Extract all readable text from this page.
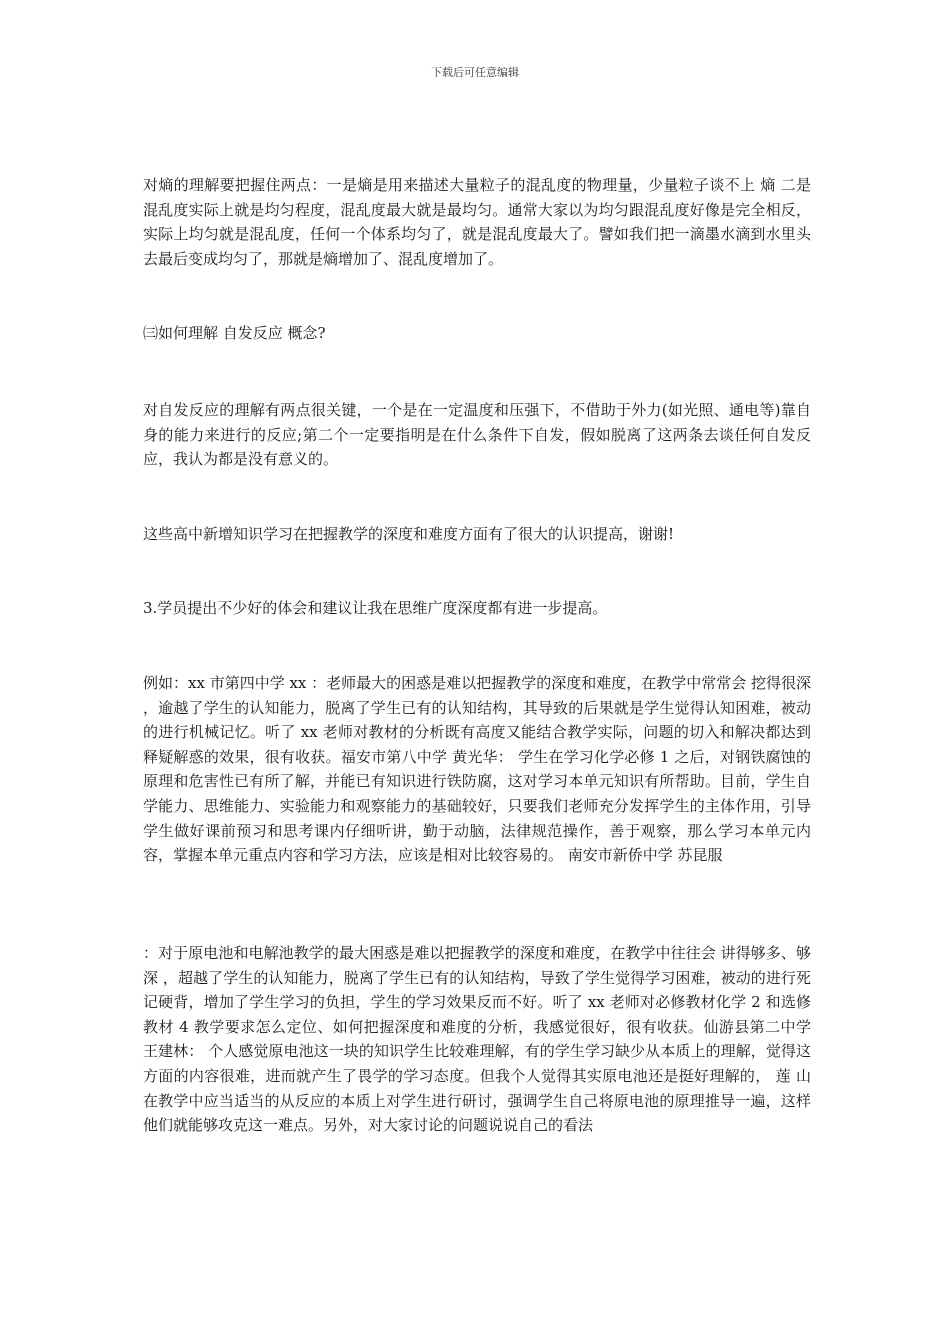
下载后可任意编辑
对熵的理解要把握住两点：一是熵是用来描述大量粒子的混乱度的物理量，少量粒子谈不上 熵 二是混乱度实际上就是均匀程度，混乱度最大就是最均匀。通常大家以为均匀跟混乱度好像是完全相反，实际上均匀就是混乱度，任何一个体系均匀了，就是混乱度最大了。譬如我们把一滴墨水滴到水里头去最后变成均匀了，那就是熵增加了、混乱度增加了。
㈢如何理解 自发反应 概念?
对自发反应的理解有两点很关键，一个是在一定温度和压强下，不借助于外力(如光照、通电等)靠自身的能力来进行的反应;第二个一定要指明是在什么条件下自发，假如脱离了这两条去谈任何自发反应，我认为都是没有意义的。
这些高中新增知识学习在把握教学的深度和难度方面有了很大的认识提高，谢谢!
3.学员提出不少好的体会和建议让我在思维广度深度都有进一步提高。
例如：xx 市第四中学 xx ：老师最大的困惑是难以把握教学的深度和难度，在教学中常常会 挖得很深 ，逾越了学生的认知能力，脱离了学生已有的认知结构，其导致的后果就是学生觉得认知困难，被动的进行机械记忆。听了 xx 老师对教材的分析既有高度又能结合教学实际，问题的切入和解决都达到释疑解惑的效果，很有收获。福安市第八中学 黄光华： 学生在学习化学必修 1 之后，对钢铁腐蚀的原理和危害性已有所了解，并能已有知识进行铁防腐，这对学习本单元知识有所帮助。目前，学生自学能力、思维能力、实验能力和观察能力的基础较好，只要我们老师充分发挥学生的主体作用，引导学生做好课前预习和思考课内仔细听讲，勤于动脑，法律规范操作，善于观察，那么学习本单元内容，掌握本单元重点内容和学习方法，应该是相对比较容易的。 南安市新侨中学 苏昆服
：对于原电池和电解池教学的最大困惑是难以把握教学的深度和难度，在教学中往往会 讲得够多、够深 ，超越了学生的认知能力，脱离了学生已有的认知结构，导致了学生觉得学习困难，被动的进行死记硬背，增加了学生学习的负担，学生的学习效果反而不好。听了 xx 老师对必修教材化学 2 和选修教材 4 教学要求怎么定位、如何把握深度和难度的分析，我感觉很好，很有收获。仙游县第二中学 王建林： 个人感觉原电池这一块的知识学生比较难理解，有的学生学习缺少从本质上的理解，觉得这方面的内容很难，进而就产生了畏学的学习态度。但我个人觉得其实原电池还是挺好理解的， 莲 山 在教学中应当适当的从反应的本质上对学生进行研讨，强调学生自己将原电池的原理推导一遍，这样他们就能够攻克这一难点。另外，对大家讨论的问题说说自己的看法
